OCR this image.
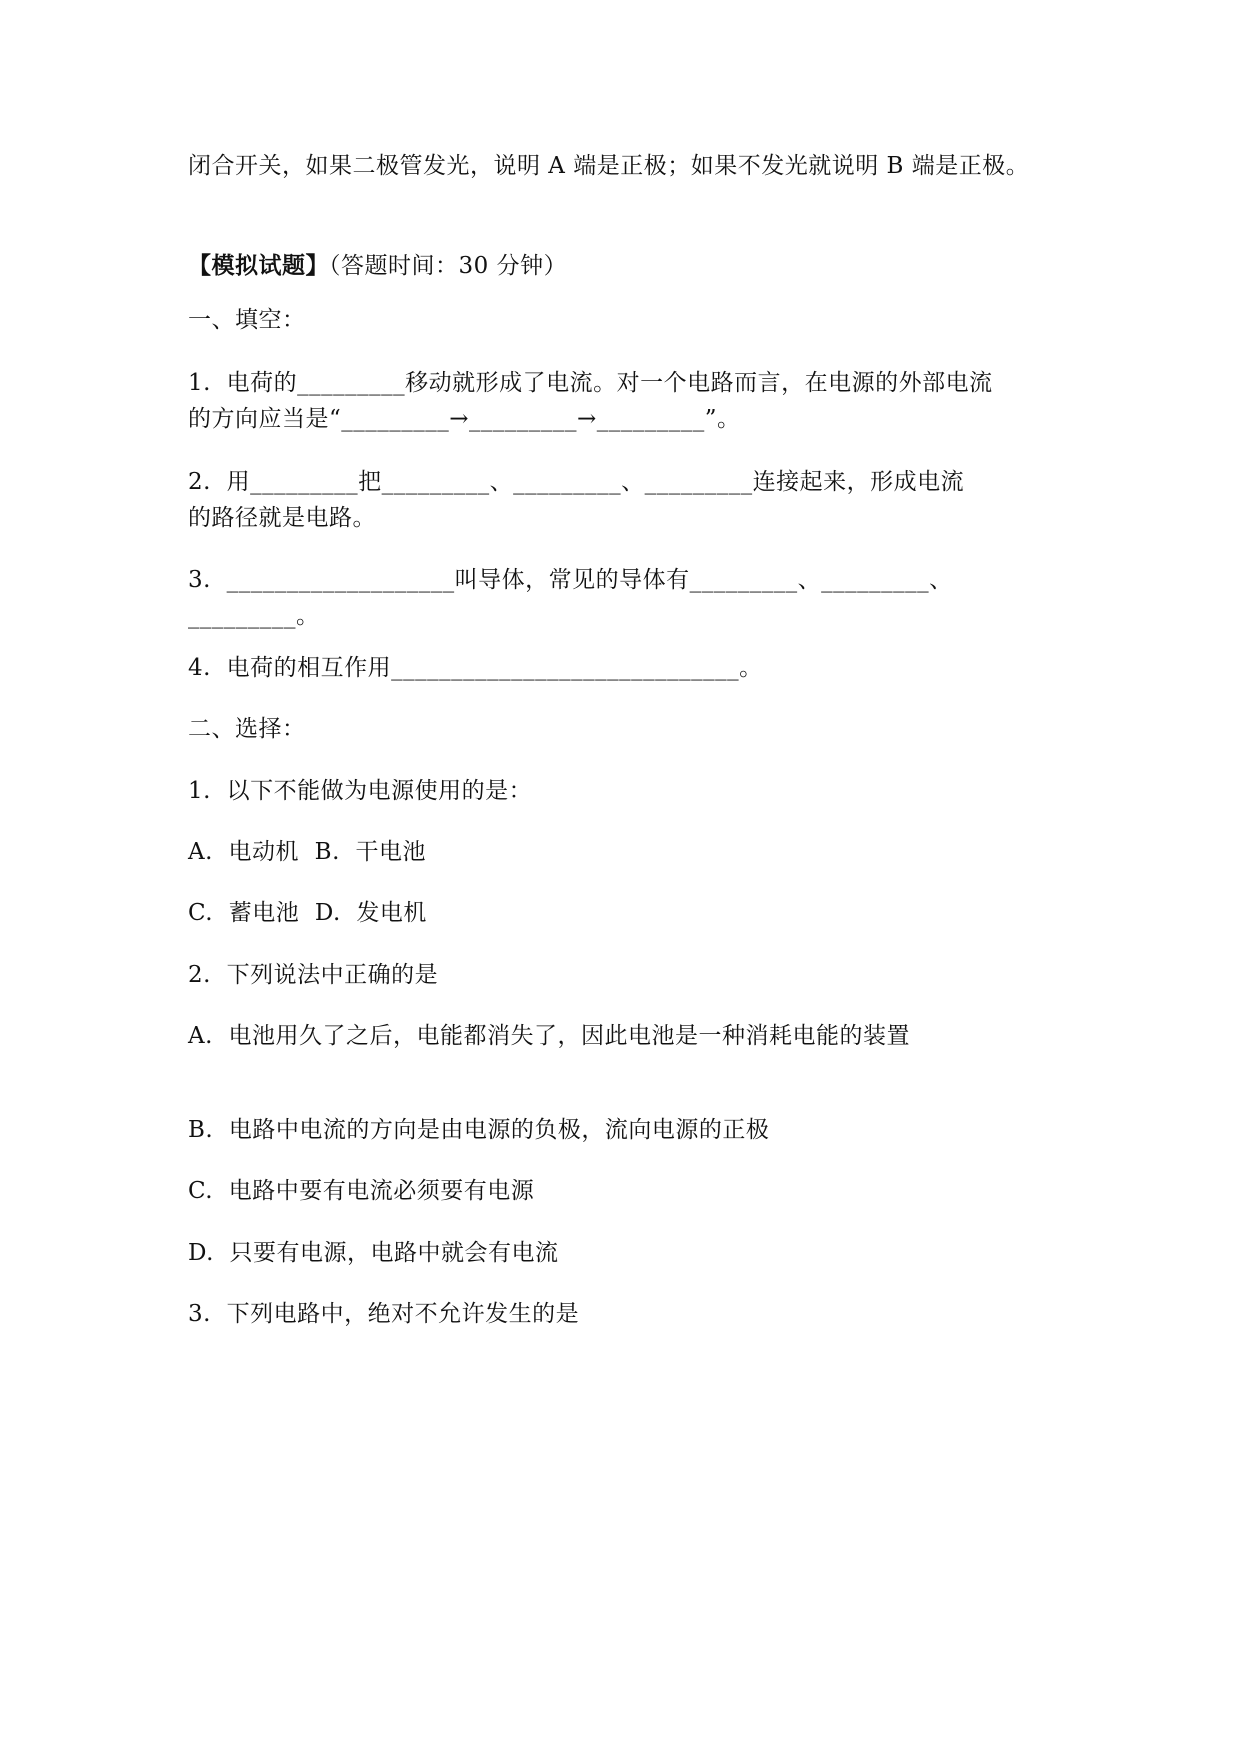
闭合开关，如果二极管发光，说明 A 端是正极；如果不发光就说明 B 端是正极。
【模拟试题】（答题时间：30 分钟）
一、填空：
1.  电荷的_________移动就形成了电流。对一个电路而言，在电源的外部电流
的方向应当是“_________→_________→_________”。
2.  用_________把_________、_________、_________连接起来，形成电流
的路径就是电路。
3.  ___________________叫导体，常见的导体有_________、_________、
_________。
4.  电荷的相互作用_____________________________。
二、选择：
1.  以下不能做为电源使用的是：
A.  电动机  B.  干电池
C.  蓄电池  D.  发电机
2.  下列说法中正确的是
A.  电池用久了之后，电能都消失了，因此电池是一种消耗电能的装置
B.  电路中电流的方向是由电源的负极，流向电源的正极
C.  电路中要有电流必须要有电源
D.  只要有电源，电路中就会有电流
3.  下列电路中，绝对不允许发生的是
